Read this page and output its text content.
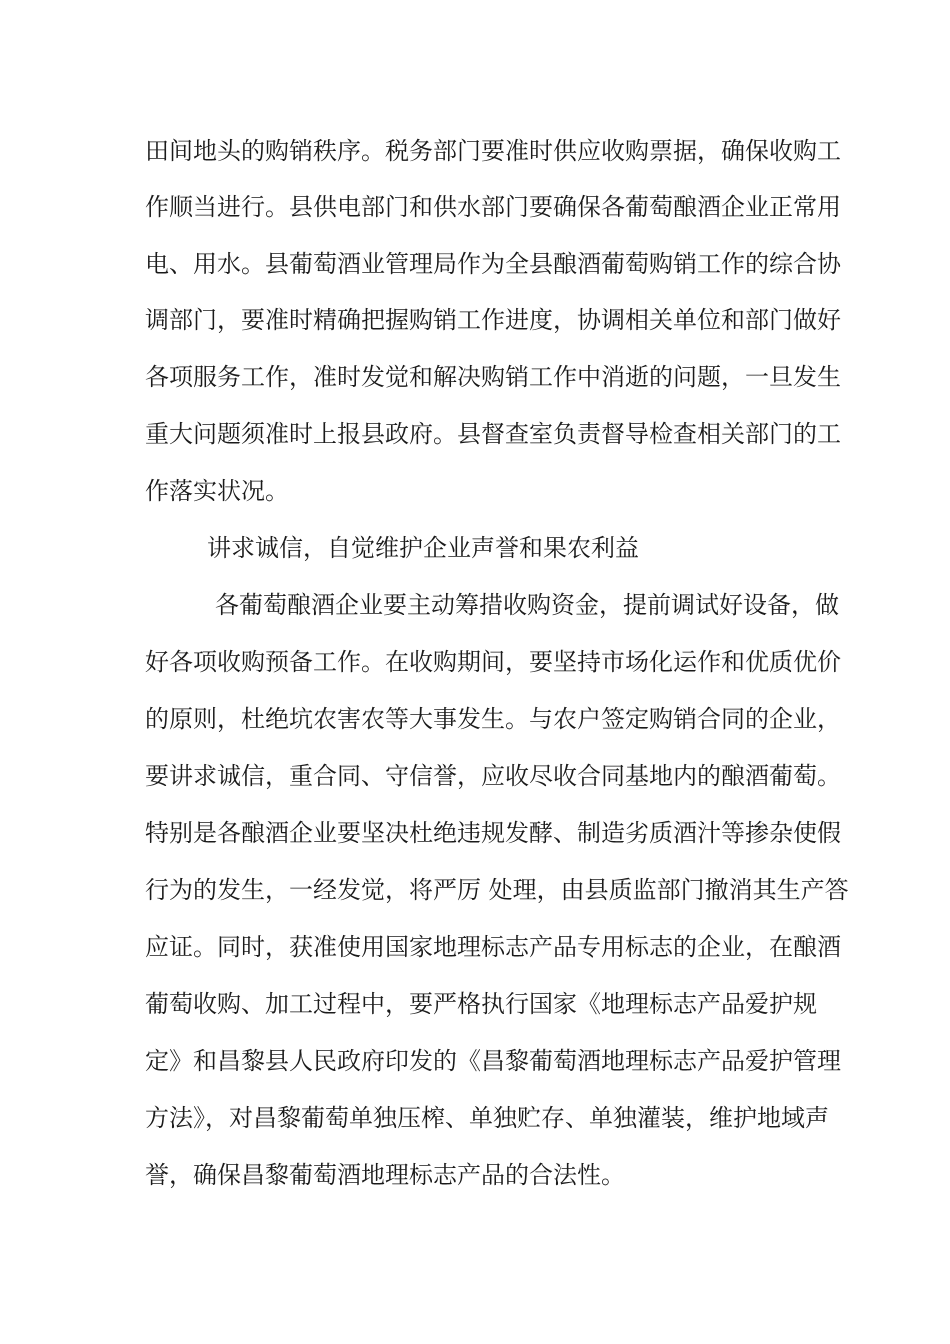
田间地头的购销秩序。税务部门要准时供应收购票据，确保收购工
作顺当进行。县供电部门和供水部门要确保各葡萄酿酒企业正常用
电、用水。县葡萄酒业管理局作为全县酿酒葡萄购销工作的综合协
调部门，要准时精确把握购销工作进度，协调相关单位和部门做好
各项服务工作，准时发觉和解决购销工作中消逝的问题，一旦发生
重大问题须准时上报县政府。县督查室负责督导检查相关部门的工
作落实状况。
讲求诚信，自觉维护企业声誉和果农利益
各葡萄酿酒企业要主动筹措收购资金，提前调试好设备，做
好各项收购预备工作。在收购期间，要坚持市场化运作和优质优价
的原则，杜绝坑农害农等大事发生。与农户签定购销合同的企业，
要讲求诚信，重合同、守信誉，应收尽收合同基地内的酿酒葡萄。
特别是各酿酒企业要坚决杜绝违规发酵、制造劣质酒汁等掺杂使假
行为的发生，一经发觉，将严厉 处理，由县质监部门撤消其生产答
应证。同时，获准使用国家地理标志产品专用标志的企业，在酿酒
葡萄收购、加工过程中，要严格执行国家《地理标志产品爱护规
定》和昌黎县人民政府印发的《昌黎葡萄酒地理标志产品爱护管理
方法》，对昌黎葡萄单独压榨、单独贮存、单独灌装，维护地域声
誉，确保昌黎葡萄酒地理标志产品的合法性。
